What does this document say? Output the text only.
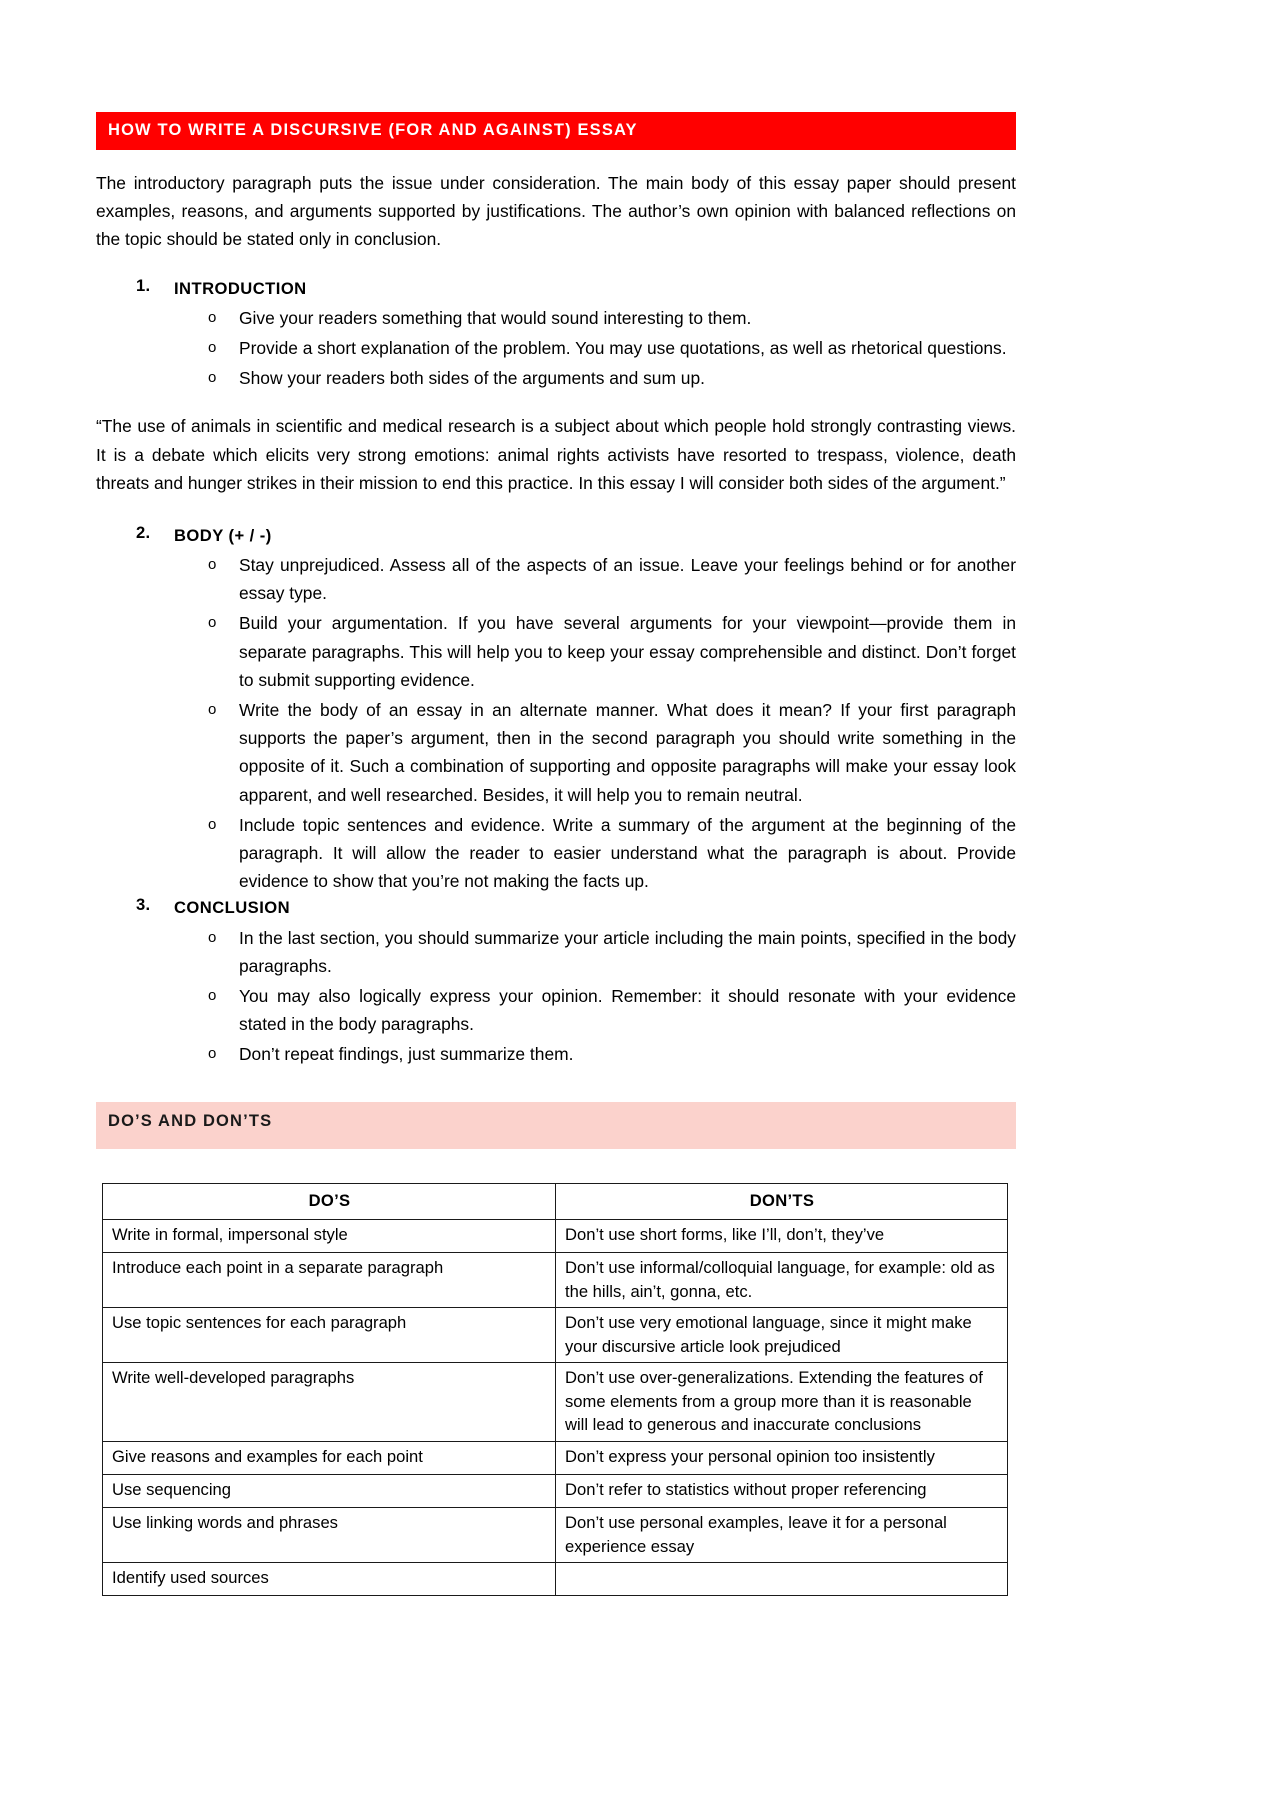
HOW TO WRITE A DISCURSIVE (FOR AND AGAINST) ESSAY

The introductory paragraph puts the issue under consideration. The main body of this essay paper should present examples, reasons, and arguments supported by justifications. The author’s own opinion with balanced reflections on the topic should be stated only in conclusion.

1. INTRODUCTION
o Give your readers something that would sound interesting to them.
o Provide a short explanation of the problem. You may use quotations, as well as rhetorical questions.
o Show your readers both sides of the arguments and sum up.

“The use of animals in scientific and medical research is a subject about which people hold strongly contrasting views. It is a debate which elicits very strong emotions: animal rights activists have resorted to trespass, violence, death threats and hunger strikes in their mission to end this practice. In this essay I will consider both sides of the argument.”

2. BODY (+ / -)
o Stay unprejudiced. Assess all of the aspects of an issue. Leave your feelings behind or for another essay type.
o Build your argumentation. If you have several arguments for your viewpoint—provide them in separate paragraphs. This will help you to keep your essay comprehensible and distinct. Don’t forget to submit supporting evidence.
o Write the body of an essay in an alternate manner. What does it mean? If your first paragraph supports the paper’s argument, then in the second paragraph you should write something in the opposite of it. Such a combination of supporting and opposite paragraphs will make your essay look apparent, and well researched. Besides, it will help you to remain neutral.
o Include topic sentences and evidence. Write a summary of the argument at the beginning of the paragraph. It will allow the reader to easier understand what the paragraph is about. Provide evidence to show that you’re not making the facts up.
3. CONCLUSION
o In the last section, you should summarize your article including the main points, specified in the body paragraphs.
o You may also logically express your opinion. Remember: it should resonate with your evidence stated in the body paragraphs.
o Don’t repeat findings, just summarize them.
DO’S AND DON’TS
DO’S	DON’TS
Write in formal, impersonal style	Don’t use short forms, like I’ll, don’t, they’ve
Introduce each point in a separate paragraph	Don’t use informal/colloquial language, for example: old as the hills, ain’t, gonna, etc.
Use topic sentences for each paragraph	Don’t use very emotional language, since it might make your discursive article look prejudiced
Write well-developed paragraphs	Don’t use over-generalizations. Extending the features of some elements from a group more than it is reasonable will lead to generous and inaccurate conclusions
Give reasons and examples for each point	Don’t express your personal opinion too insistently
Use sequencing	Don’t refer to statistics without proper referencing
Use linking words and phrases	Don’t use personal examples, leave it for a personal experience essay
Identify used sources	
